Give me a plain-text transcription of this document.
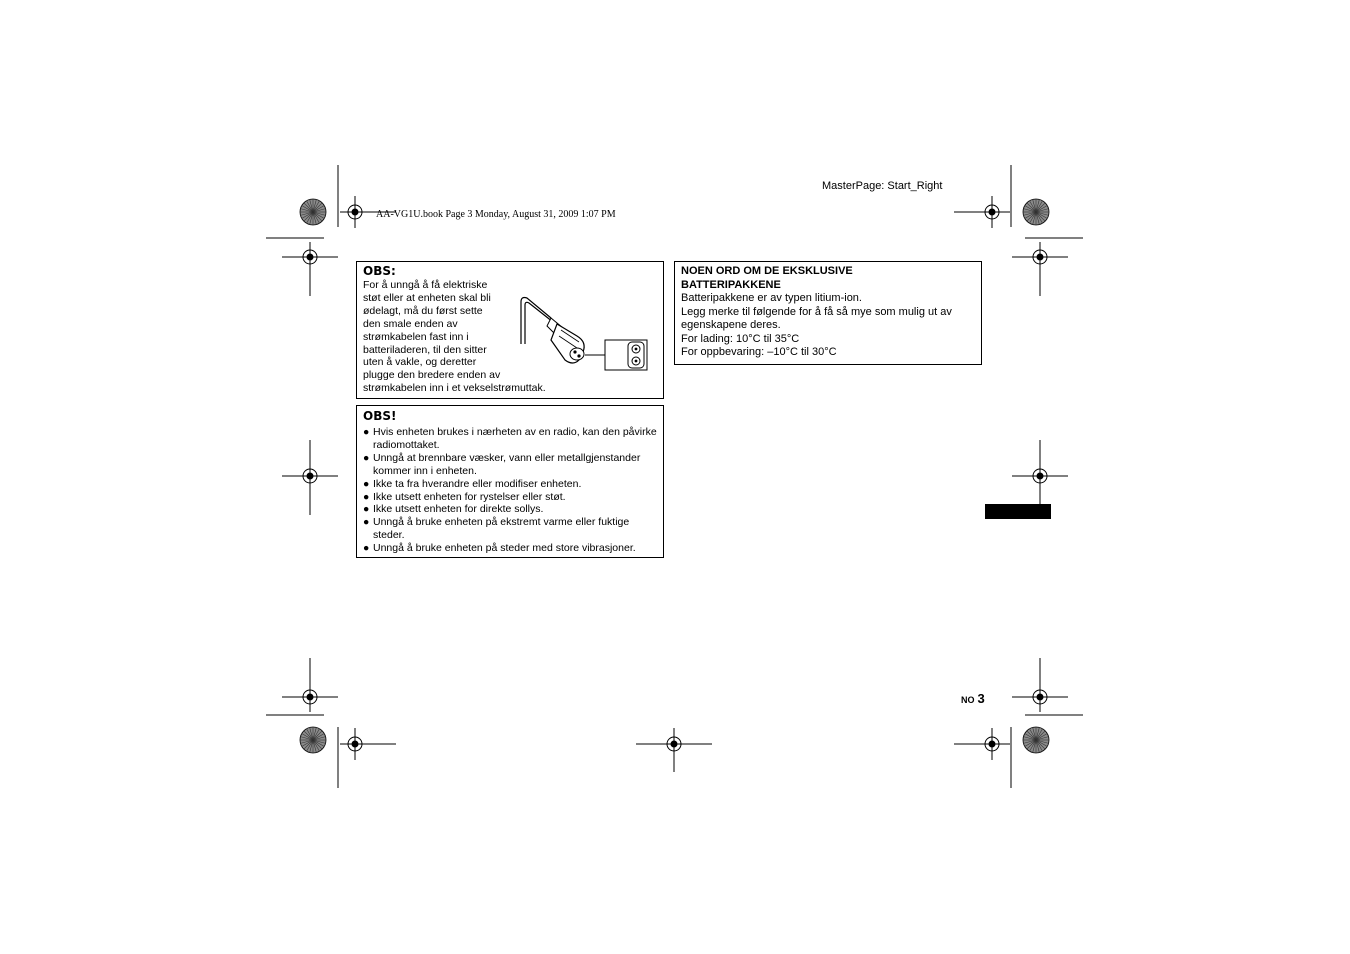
MasterPage: Start_Right
AA-VG1U.book Page 3 Monday, August 31, 2009 1:07 PM
OBS:
For å unngå å få elektriske
støt eller at enheten skal bli
ødelagt, må du først sette
den smale enden av
strømkabelen fast inn i
batteriladeren, til den sitter
uten å vakle, og deretter
plugge den bredere enden av
strømkabelen inn i et vekselstrømuttak.
OBS!
● Hvis enheten brukes i nærheten av en radio, kan den påvirke radiomottaket.
● Unngå at brennbare væsker, vann eller metallgjenstander kommer inn i enheten.
● Ikke ta fra hverandre eller modifiser enheten.
● Ikke utsett enheten for rystelser eller støt.
● Ikke utsett enheten for direkte sollys.
● Unngå å bruke enheten på ekstremt varme eller fuktige steder.
● Unngå å bruke enheten på steder med store vibrasjoner.
NOEN ORD OM DE EKSKLUSIVE BATTERIPAKKENE
Batteripakkene er av typen litium-ion.
Legg merke til følgende for å få så mye som mulig ut av egenskapene deres.
For lading: 10°C til 35°C
For oppbevaring: –10°C til 30°C
NO 3
